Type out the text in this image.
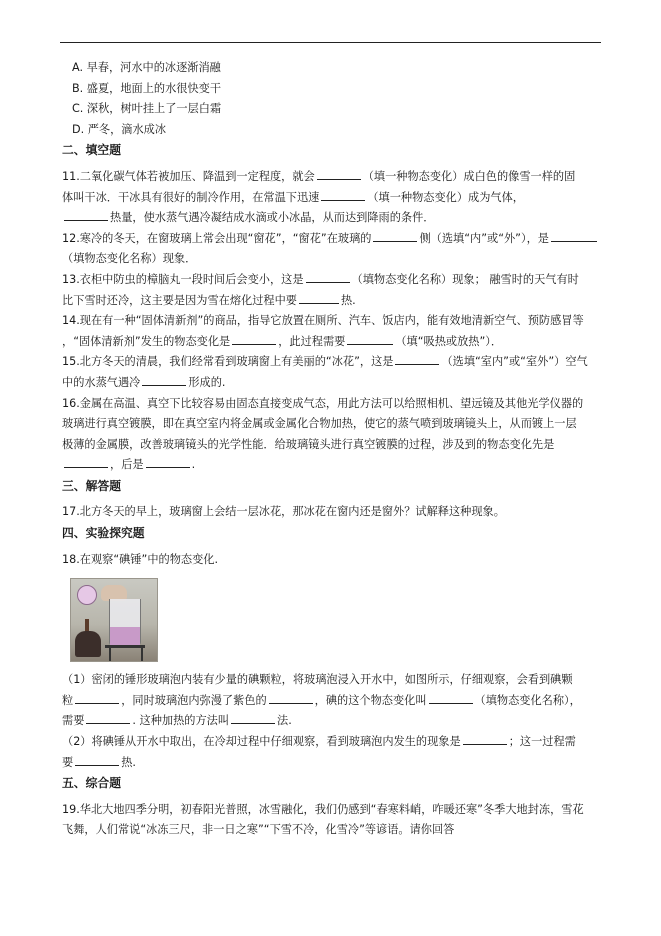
A. 早春，河水中的冰逐渐消融
B. 盛夏，地面上的水很快变干
C. 深秋，树叶挂上了一层白霜
D. 严冬，滴水成冰
二、填空题
11.二氧化碳气体若被加压、降温到一定程度，就会	（填一种物态变化）成白色的像雪一样的固
体叫干冰．干冰具有很好的制冷作用，在常温下迅速	（填一种物态变化）成为气体，
热量，使水蒸气遇冷凝结成水滴或小冰晶，从而达到降雨的条件．
12.寒冷的冬天，在窗玻璃上常会出现“窗花”，“窗花”在玻璃的	侧（选填“内”或“外”），是
（填物态变化名称）现象．
13.衣柜中防虫的樟脑丸一段时间后会变小，这是	（填物态变化名称）现象； 融雪时的天气有时
比下雪时还冷，这主要是因为雪在熔化过程中要	热.
14.现在有一种“固体清新剂”的商品，指导它放置在厕所、汽车、饭店内，能有效地清新空气、预防感冒等
，“固体清新剂”发生的物态变化是	，此过程需要	（填“吸热或放热”）．
15.北方冬天的清晨，我们经常看到玻璃窗上有美丽的“冰花”，这是	（选填“室内”或“室外”）空气
中的水蒸气遇冷	形成的.
16.金属在高温、真空下比较容易由固态直接变成气态，用此方法可以给照相机、望远镜及其他光学仪器的
玻璃进行真空镀膜，即在真空室内将金属或金属化合物加热，使它的蒸气喷到玻璃镜头上，从而镀上一层
极薄的金属膜，改善玻璃镜头的光学性能．给玻璃镜头进行真空镀膜的过程，涉及到的物态变化先是
，后是	.
三、解答题
17.北方冬天的早上，玻璃窗上会结一层冰花，那冰花在窗内还是窗外？试解释这种现象。
四、实验探究题
18.在观察“碘锤”中的物态变化.
（1）密闭的锤形玻璃泡内装有少量的碘颗粒，将玻璃泡浸入开水中，如图所示，仔细观察，会看到碘颗
粒	，同时玻璃泡内弥漫了紫色的	，碘的这个物态变化叫	（填物态变化名称），
需要	. 这种加热的方法叫	法.
（2）将碘锤从开水中取出，在冷却过程中仔细观察，看到玻璃泡内发生的现象是	；这一过程需
要	热.
五、综合题
19.华北大地四季分明，初春阳光普照，冰雪融化，我们仍感到“春寒料峭，咋暖还寒”冬季大地封冻，雪花
飞舞，人们常说“冰冻三尺，非一日之寒”“下雪不冷，化雪冷”等谚语。请你回答
